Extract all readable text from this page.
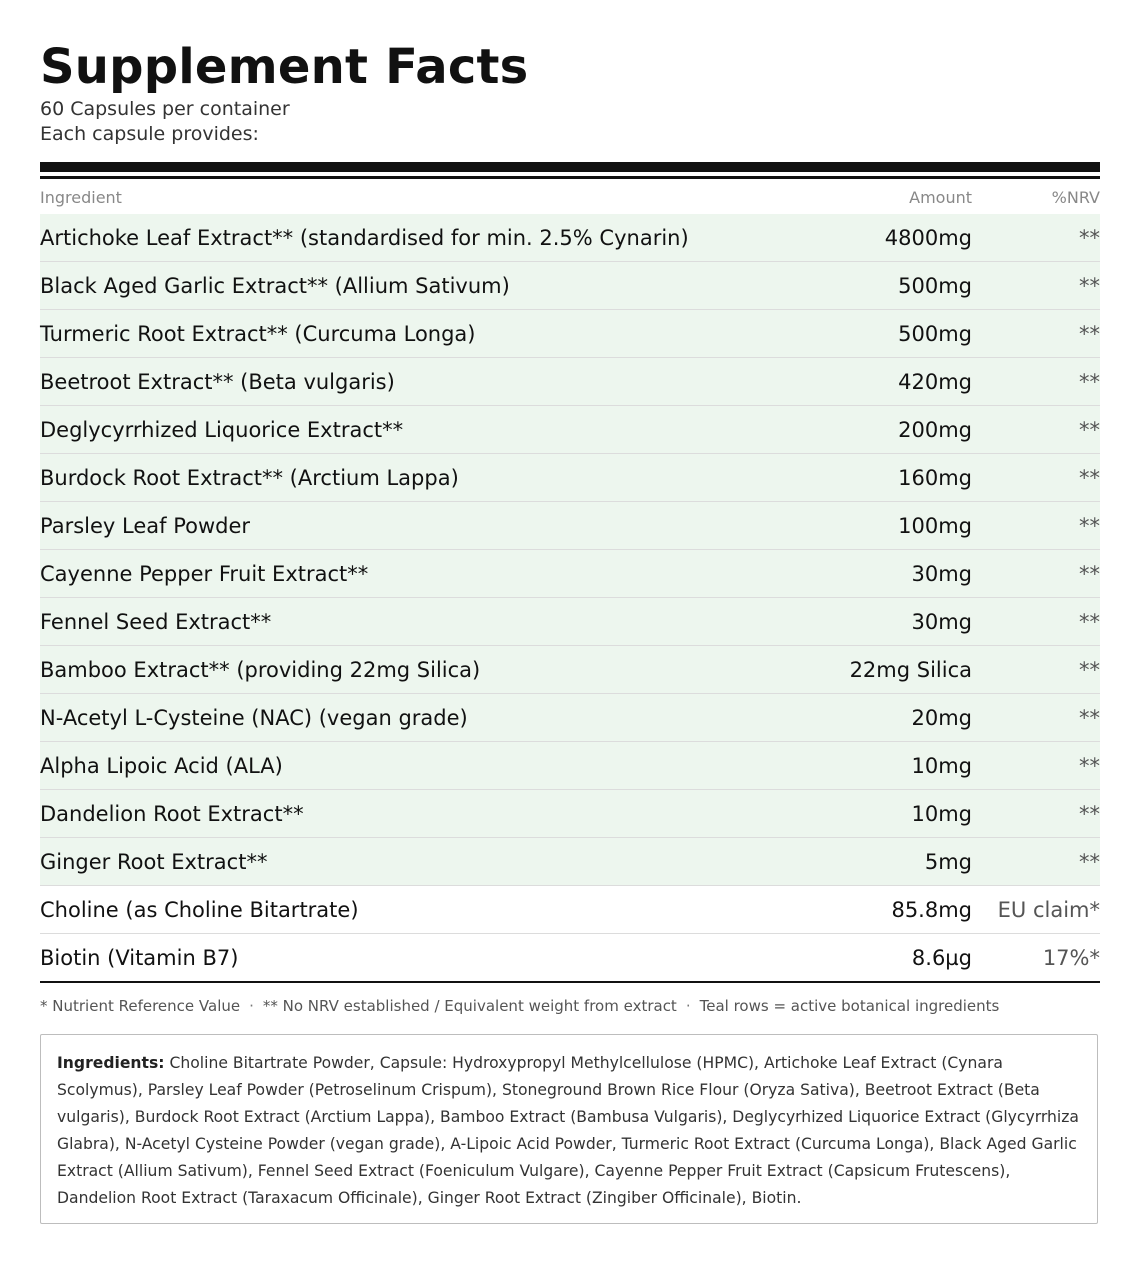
Supplement Facts
60 Capsules per container
Each capsule provides:
Ingredient	Amount	%NRV
Artichoke Leaf Extract** (standardised for min. 2.5% Cynarin)	4800mg	**
Black Aged Garlic Extract** (Allium Sativum)	500mg	**
Turmeric Root Extract** (Curcuma Longa)	500mg	**
Beetroot Extract** (Beta vulgaris)	420mg	**
Deglycyrrhized Liquorice Extract**	200mg	**
Burdock Root Extract** (Arctium Lappa)	160mg	**
Parsley Leaf Powder	100mg	**
Cayenne Pepper Fruit Extract**	30mg	**
Fennel Seed Extract**	30mg	**
Bamboo Extract** (providing 22mg Silica)	22mg Silica	**
N-Acetyl L-Cysteine (NAC) (vegan grade)	20mg	**
Alpha Lipoic Acid (ALA)	10mg	**
Dandelion Root Extract**	10mg	**
Ginger Root Extract**	5mg	**
Choline (as Choline Bitartrate)	85.8mg	EU claim*
Biotin (Vitamin B7)	8.6µg	17%*
* Nutrient Reference Value · ** No NRV established / Equivalent weight from extract · Teal rows = active botanical ingredients
Ingredients: Choline Bitartrate Powder, Capsule: Hydroxypropyl Methylcellulose (HPMC), Artichoke Leaf Extract (Cynara Scolymus), Parsley Leaf Powder (Petroselinum Crispum), Stoneground Brown Rice Flour (Oryza Sativa), Beetroot Extract (Beta vulgaris), Burdock Root Extract (Arctium Lappa), Bamboo Extract (Bambusa Vulgaris), Deglycyrhized Liquorice Extract (Glycyrrhiza Glabra), N-Acetyl Cysteine Powder (vegan grade), A-Lipoic Acid Powder, Turmeric Root Extract (Curcuma Longa), Black Aged Garlic Extract (Allium Sativum), Fennel Seed Extract (Foeniculum Vulgare), Cayenne Pepper Fruit Extract (Capsicum Frutescens), Dandelion Root Extract (Taraxacum Officinale), Ginger Root Extract (Zingiber Officinale), Biotin.
